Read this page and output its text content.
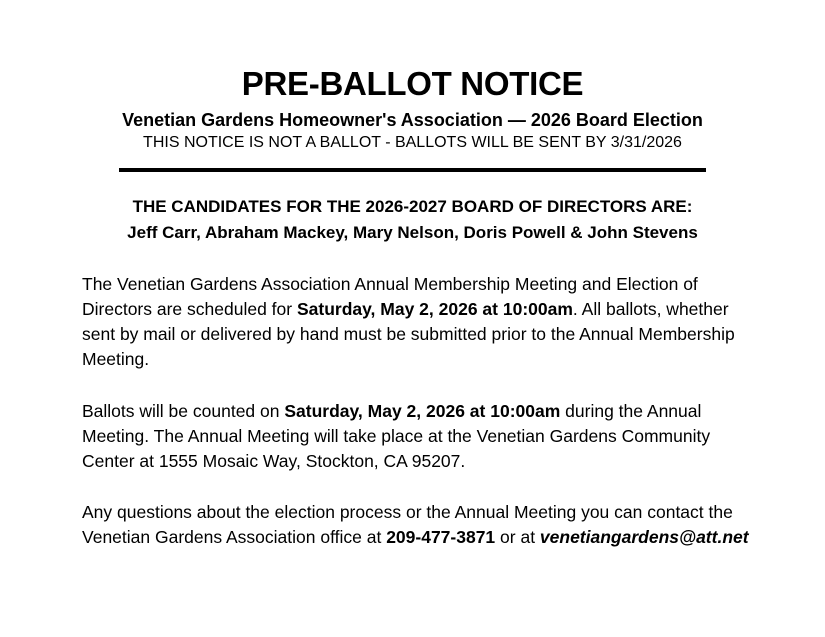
PRE-BALLOT NOTICE
Venetian Gardens Homeowner's Association — 2026 Board Election
THIS NOTICE IS NOT A BALLOT - BALLOTS WILL BE SENT BY 3/31/2026
THE CANDIDATES FOR THE 2026-2027 BOARD OF DIRECTORS ARE:
Jeff Carr, Abraham Mackey, Mary Nelson, Doris Powell & John Stevens
The Venetian Gardens Association Annual Membership Meeting and Election of Directors are scheduled for Saturday, May 2, 2026 at 10:00am. All ballots, whether sent by mail or delivered by hand must be submitted prior to the Annual Membership Meeting.
Ballots will be counted on Saturday, May 2, 2026 at 10:00am during the Annual Meeting. The Annual Meeting will take place at the Venetian Gardens Community Center at 1555 Mosaic Way, Stockton, CA 95207.
Any questions about the election process or the Annual Meeting you can contact the Venetian Gardens Association office at 209-477-3871 or at venetiangardens@att.net
